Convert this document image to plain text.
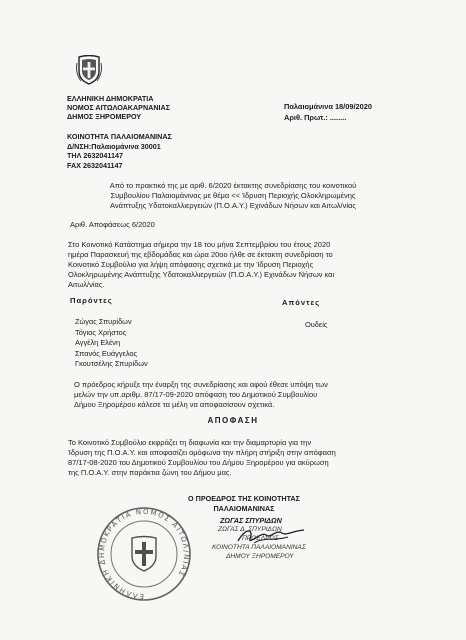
ΕΛΛΗΝΙΚΗ ΔΗΜΟΚΡΑΤΙΑ
ΝΟΜΟΣ ΑΙΤΩΛΟΑΚΑΡΝΑΝΙΑΣ
ΔΗΜΟΣ ΞΗΡΟΜΕΡΟΥ
Παλαιομάνινα 18/09/2020
Αριθ. Πρωτ.: ........
ΚΟΙΝΟΤΗΤΑ ΠΑΛΑΙΟΜΑΝΙΝΑΣ
Δ/ΝΣΗ:Παλαιομάνινα 30001
ΤΗΛ 2632041147
FAX 2632041147
Από το πρακτικό της με αριθ. 6/2020 έκτακτης συνεδρίασης του κοινοτικού
Συμβουλίου Παλαιομάνινας με θέμα << Ίδρυση Περιοχής Ολοκληρωμένης
Ανάπτυξης Υδατοκαλλιεργειών (Π.Ο.Α.Υ.) Εχινάδων Νήσων και Αιτωλ/νίας
Αριθ. Αποφάσεως 6/2020
Στο Κοινοτικό Κατάστημα σήμερα την 18 του μήνα Σεπτεμβρίου του έτους 2020
ημέρα Παρασκευή της εβδομάδας και ώρα 20οο ήλθε σε έκτακτη συνεδρίαση το
Κοινοτικό Συμβούλιο για λήψη απόφασης σχετικά με την Ίδρυση Περιοχής
Ολοκληρωμένης Ανάπτυξης Υδατοκαλλιεργειών (Π.Ο.Α.Υ.) Εχινάδων Νήσων και
Αιτωλ/νίας.
Παρόντες	Απόντες
Ζώγας Σπυρίδων
Τόγιας Χρήστος
Αγγέλη Ελένη
Σπανός Ευάγγελος
Γκουτσέλης Σπυρίδων
Ουδείς
Ο πρόεδρος κήρυξε την έναρξη της συνεδρίασης και αφού έθεσε υπόψη των
μελών την υπ.αριθμ. 87/17-09-2020 απόφαση του Δημοτικού Συμβουλίου
Δήμου Ξηρομέρου κάλεσε τα μέλη να αποφασίσουν σχετικά.
ΑΠΟΦΑΣΗ
Το Κοινοτικό Συμβούλιο εκφράζει τη διαφωνία και την διαμαρτυρία για την
Ίδρυση της Π.Ο.Α.Υ. και αποφασίζει ομόφωνα την πλήρη στήριξη στην απόφαση
87/17-08-2020 του Δημοτικού Συμβουλίου του Δήμου Ξηρομέρου για ακύρωση
της Π.Ο.Α.Υ. στην παράκτια ζώνη του Δήμου μας.
Ο ΠΡΟΕΔΡΟΣ ΤΗΣ ΚΟΙΝΟΤΗΤΑΣ
ΠΑΛΑΙΟΜΑΝΙΝΑΣ
ΖΩΓΑΣ ΣΠΥΡΙΔΩΝ
ΕΛΛΗΝΙΚΗ ΔΗΜΟΚΡΑΤΙΑ ΝΟΜΟΣ ΑΙΤΩΛ/ΝΙΑΣ
ΖΩΓΑΣ Δ. ΣΠΥΡΙΔΩΝ
ΠΡΟΕΔΡΟΣ
ΚΟΙΝΟΤΗΤΑ ΠΑΛΑΙΟΜΑΝΙΝΑΣ
ΔΗΜΟΥ ΞΗΡΟΜΕΡΟΥ
